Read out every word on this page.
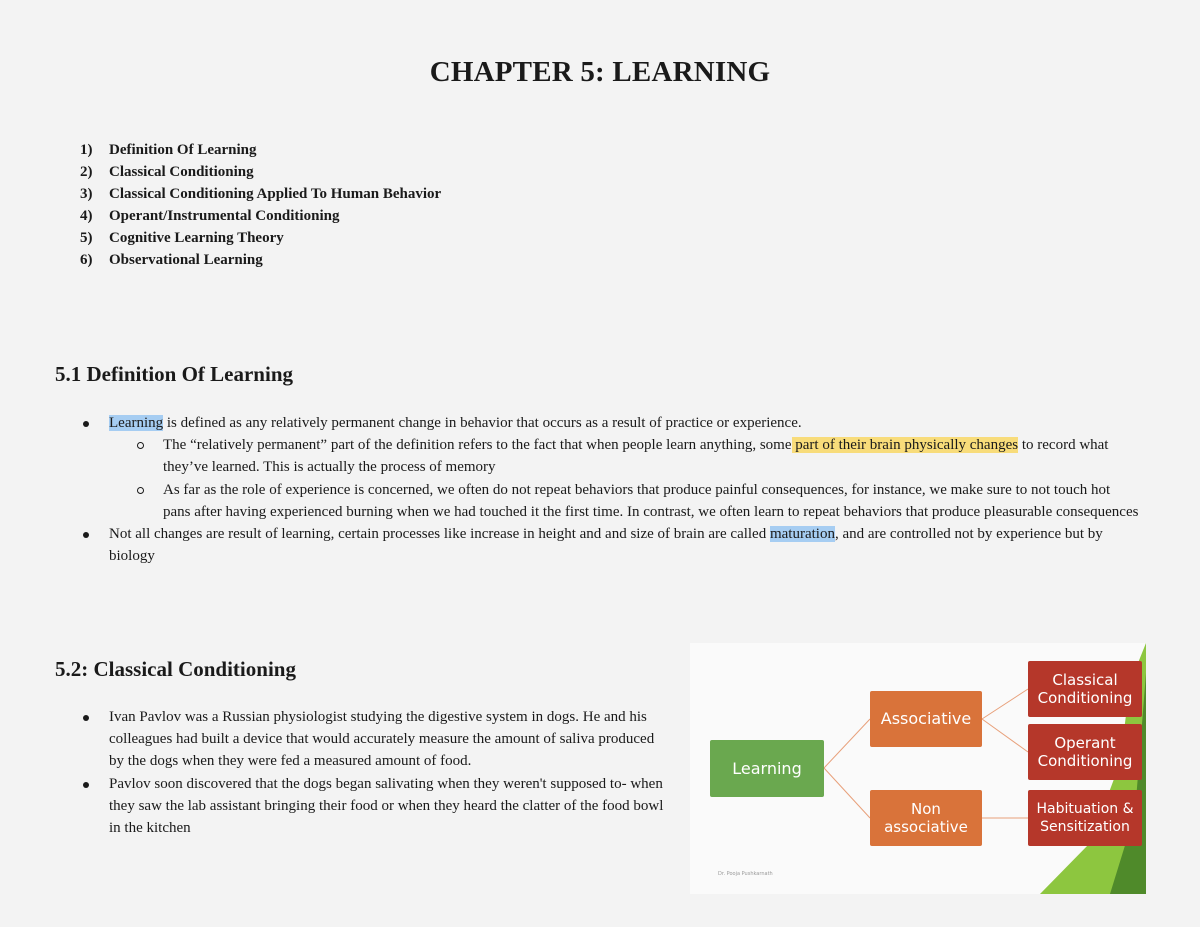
CHAPTER 5: LEARNING
1)	Definition Of Learning
2)	Classical Conditioning
3)	Classical Conditioning Applied To Human Behavior
4)	Operant/Instrumental Conditioning
5)	Cognitive Learning Theory
6)	Observational Learning
5.1 Definition Of Learning
Learning is defined as any relatively permanent change in behavior that occurs as a result of practice or experience.
The “relatively permanent” part of the definition refers to the fact that when people learn anything, some part of their brain physically changes to record what they’ve learned. This is actually the process of memory
As far as the role of experience is concerned, we often do not repeat behaviors that produce painful consequences, for instance, we make sure to not touch hot pans after having experienced burning when we had touched it the first time. In contrast, we often learn to repeat behaviors that produce pleasurable consequences
Not all changes are result of learning, certain processes like increase in height and and size of brain are called maturation, and are controlled not by experience but by biology
5.2: Classical Conditioning
Ivan Pavlov was a Russian physiologist studying the digestive system in dogs. He and his colleagues had built a device that would accurately measure the amount of saliva produced by the dogs when they were fed a measured amount of food.
Pavlov soon discovered that the dogs began salivating when they weren't supposed to- when they saw the lab assistant bringing their food or when they heard the clatter of the food bowl in the kitchen
Learning
Associative
Non
associative
Classical
Conditioning
Operant
Conditioning
Habituation &
Sensitization
Dr. Pooja Pushkarnath
